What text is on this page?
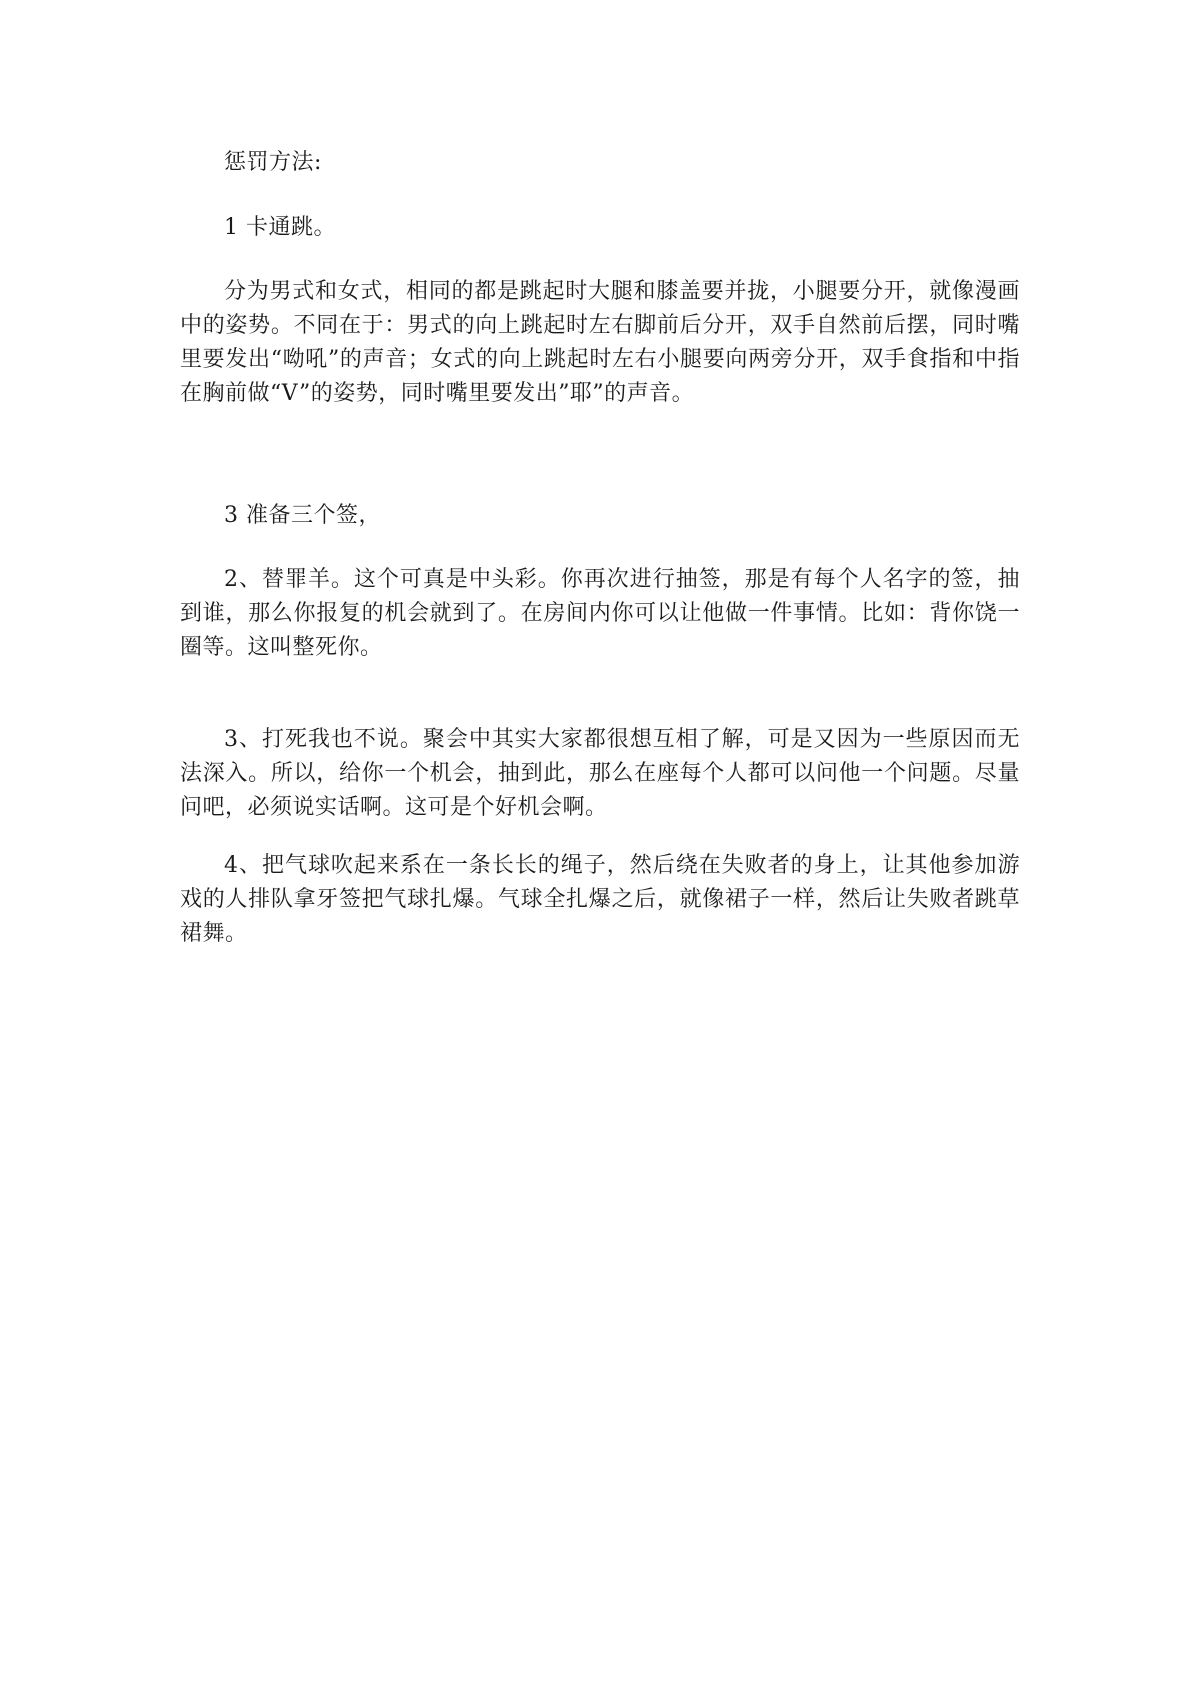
惩罚方法:

1 卡通跳。

分为男式和女式，相同的都是跳起时大腿和膝盖要并拢，小腿要分开，就像漫画中的姿势。不同在于：男式的向上跳起时左右脚前后分开，双手自然前后摆，同时嘴里要发出“呦吼”的声音；女式的向上跳起时左右小腿要向两旁分开，双手食指和中指在胸前做“V”的姿势，同时嘴里要发出”耶”的声音。

3 准备三个签，

2、替罪羊。这个可真是中头彩。你再次进行抽签，那是有每个人名字的签，抽到谁，那么你报复的机会就到了。在房间内你可以让他做一件事情。比如：背你饶一圈等。这叫整死你。

3、打死我也不说。聚会中其实大家都很想互相了解，可是又因为一些原因而无法深入。所以，给你一个机会，抽到此，那么在座每个人都可以问他一个问题。尽量问吧，必须说实话啊。这可是个好机会啊。

4、把气球吹起来系在一条长长的绳子，然后绕在失败者的身上，让其他参加游戏的人排队拿牙签把气球扎爆。气球全扎爆之后，就像裙子一样，然后让失败者跳草裙舞。
